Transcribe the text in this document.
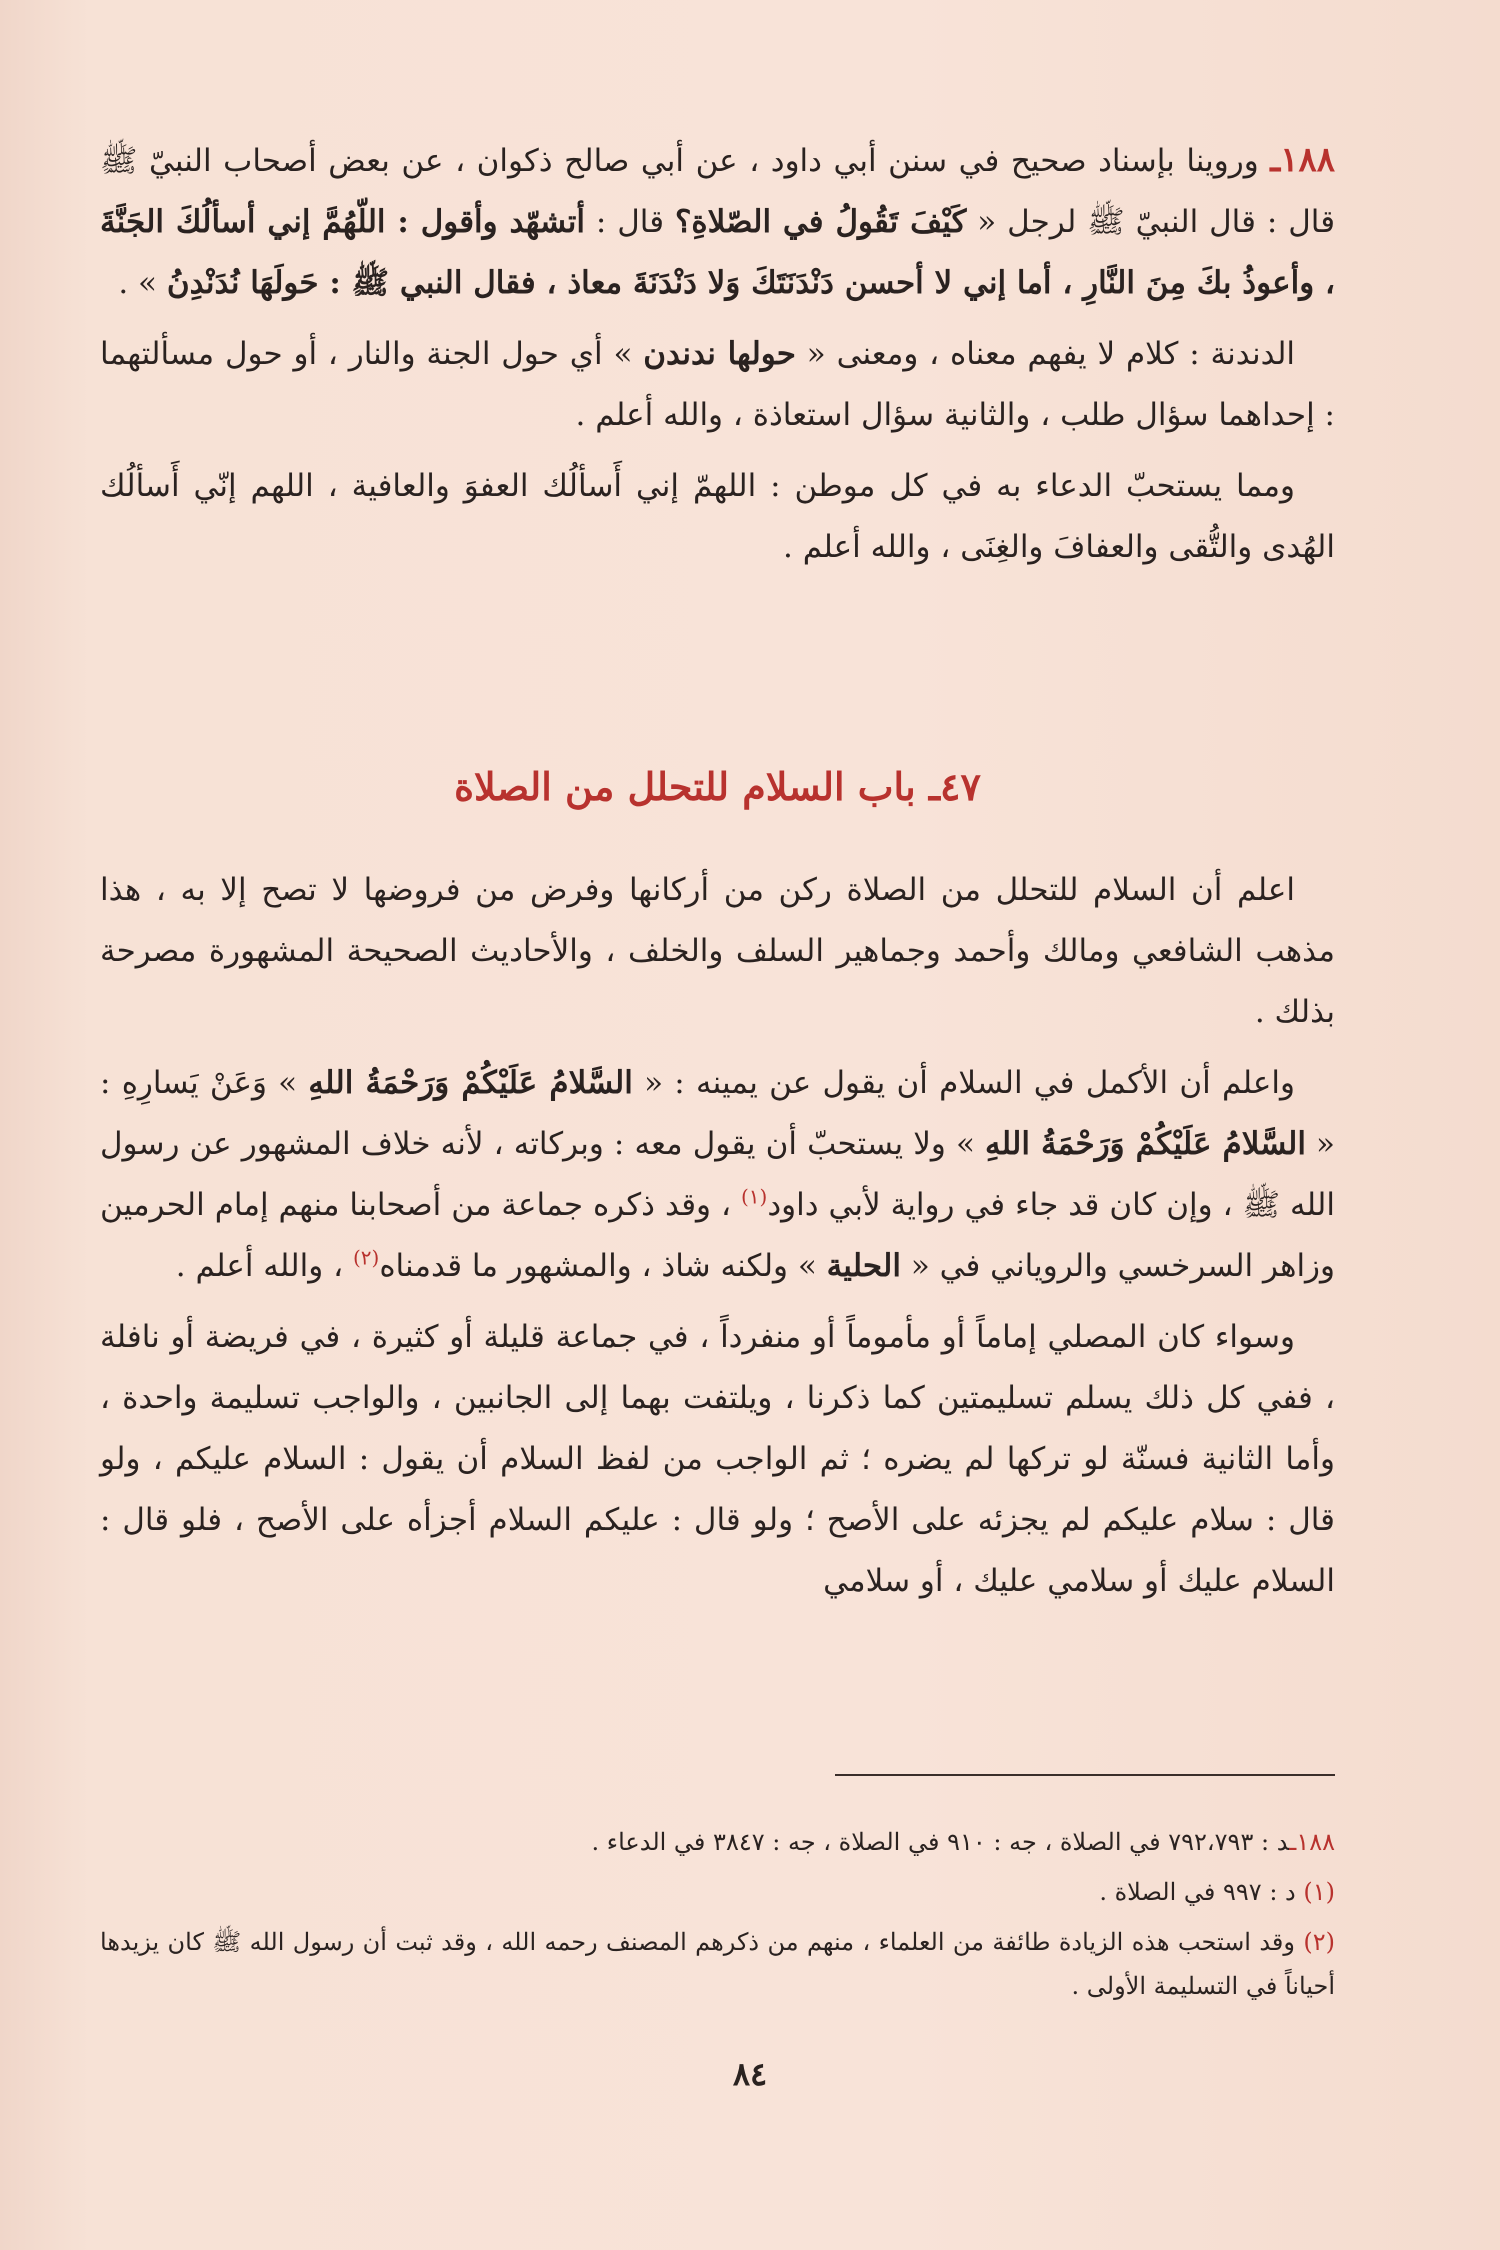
١٨٨ـ وروينا بإسناد صحيح في سنن أبي داود ، عن أبي صالح ذكوان ، عن بعض أصحاب النبيّ ﷺ قال : قال النبيّ ﷺ لرجل « كَيْفَ تَقُولُ في الصّلاةِ؟ قال : أتشهّد وأقول : اللّهُمَّ إني أسألُكَ الجَنَّةَ ، وأعوذُ بكَ مِنَ النَّارِ ، أما إني لا أحسن دَنْدَنَتَكَ وَلا دَنْدَنَةَ معاذ ، فقال النبي ﷺ : حَولَهَا نُدَنْدِنُ » .

الدندنة : كلام لا يفهم معناه ، ومعنى « حولها ندندن » أي حول الجنة والنار ، أو حول مسألتهما : إحداهما سؤال طلب ، والثانية سؤال استعاذة ، والله أعلم .

ومما يستحبّ الدعاء به في كل موطن : اللهمّ إني أَسألُك العفوَ والعافية ، اللهم إنّي أَسألُك الهُدى والتُّقى والعفافَ والغِنَى ، والله أعلم .

٤٧ـ باب السلام للتحلل من الصلاة

اعلم أن السلام للتحلل من الصلاة ركن من أركانها وفرض من فروضها لا تصح إلا به ، هذا مذهب الشافعي ومالك وأحمد وجماهير السلف والخلف ، والأحاديث الصحيحة المشهورة مصرحة بذلك .

واعلم أن الأكمل في السلام أن يقول عن يمينه : « السَّلامُ عَلَيْكُمْ وَرَحْمَةُ اللهِ » وَعَنْ يَسارِهِ : « السَّلامُ عَلَيْكُمْ وَرَحْمَةُ اللهِ » ولا يستحبّ أن يقول معه : وبركاته ، لأنه خلاف المشهور عن رسول الله ﷺ ، وإن كان قد جاء في رواية لأبي داود$^{(١)}$ ، وقد ذكره جماعة من أصحابنا منهم إمام الحرمين وزاهر السرخسي والروياني في « الحلية » ولكنه شاذ ، والمشهور ما قدمناه$^{(٢)}$ ، والله أعلم .

وسواء كان المصلي إماماً أو مأموماً أو منفرداً ، في جماعة قليلة أو كثيرة ، في فريضة أو نافلة ، ففي كل ذلك يسلم تسليمتين كما ذكرنا ، ويلتفت بهما إلى الجانبين ، والواجب تسليمة واحدة ، وأما الثانية فسنّة لو تركها لم يضره ؛ ثم الواجب من لفظ السلام أن يقول : السلام عليكم ، ولو قال : سلام عليكم لم يجزئه على الأصح ؛ ولو قال : عليكم السلام أجزأه على الأصح ، فلو قال : السلام عليك أو سلامي عليك ، أو سلامي

١٨٨ـد : ٧٩٢،٧٩٣ في الصلاة ، جه : ٩١٠ في الصلاة ، جه : ٣٨٤٧ في الدعاء .

(١) د : ٩٩٧ في الصلاة .

(٢) وقد استحب هذه الزيادة طائفة من العلماء ، منهم من ذكرهم المصنف رحمه الله ، وقد ثبت أن رسول الله ﷺ كان يزيدها أحياناً في التسليمة الأولى .

٨٤
